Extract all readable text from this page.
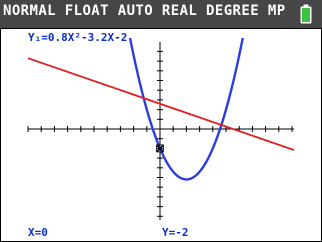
NORMAL FLOAT AUTO REAL DEGREE MP
Y₁=0.8X²-3.2X-2
X=0	Y=-2
